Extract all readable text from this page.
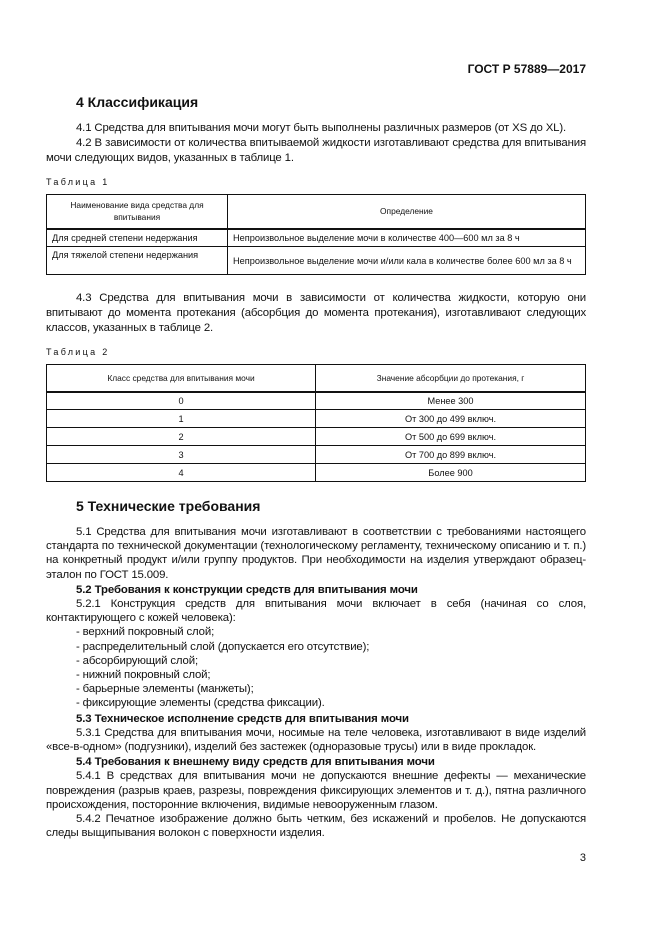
ГОСТ Р 57889—2017
4 Классификация

4.1 Средства для впитывания мочи могут быть выполнены различных размеров (от XS до XL).

4.2 В зависимости от количества впитываемой жидкости изготавливают средства для впитывания мочи следующих видов, указанных в таблице 1.

Таблица 1
Наименование вида средства для впитывания	Определение
Для средней степени недержания	Непроизвольное выделение мочи в количестве 400—600 мл за 8 ч
Для тяжелой степени недержания	Непроизвольное выделение мочи и/или кала в количестве более 600 мл за 8 ч

4.3 Средства для впитывания мочи в зависимости от количества жидкости, которую они впитывают до момента протекания (абсорбция до момента протекания), изготавливают следующих классов, указанных в таблице 2.

Таблица 2
Класс средства для впитывания мочи	Значение абсорбции до протекания, г
0	Менее 300
1	От 300 до 499 включ.
2	От 500 до 699 включ.
3	От 700 до 899 включ.
4	Более 900
5 Технические требования

5.1 Средства для впитывания мочи изготавливают в соответствии с требованиями настоящего стандарта по технической документации (технологическому регламенту, техническому описанию и т. п.) на конкретный продукт и/или группу продуктов. При необходимости на изделия утверждают образец-эталон по ГОСТ 15.009.

5.2 Требования к конструкции средств для впитывания мочи

5.2.1 Конструкция средств для впитывания мочи включает в себя (начиная со слоя, контактирующего с кожей человека):

- верхний покровный слой;

- распределительный слой (допускается его отсутствие);

- абсорбирующий слой;

- нижний покровный слой;

- барьерные элементы (манжеты);

- фиксирующие элементы (средства фиксации).

5.3 Техническое исполнение средств для впитывания мочи

5.3.1 Средства для впитывания мочи, носимые на теле человека, изготавливают в виде изделий «все-в-одном» (подгузники), изделий без застежек (одноразовые трусы) или в виде прокладок.

5.4 Требования к внешнему виду средств для впитывания мочи

5.4.1 В средствах для впитывания мочи не допускаются внешние дефекты — механические повреждения (разрыв краев, разрезы, повреждения фиксирующих элементов и т. д.), пятна различного происхождения, посторонние включения, видимые невооруженным глазом.

5.4.2 Печатное изображение должно быть четким, без искажений и пробелов. Не допускаются следы выщипывания волокон с поверхности изделия.

3
